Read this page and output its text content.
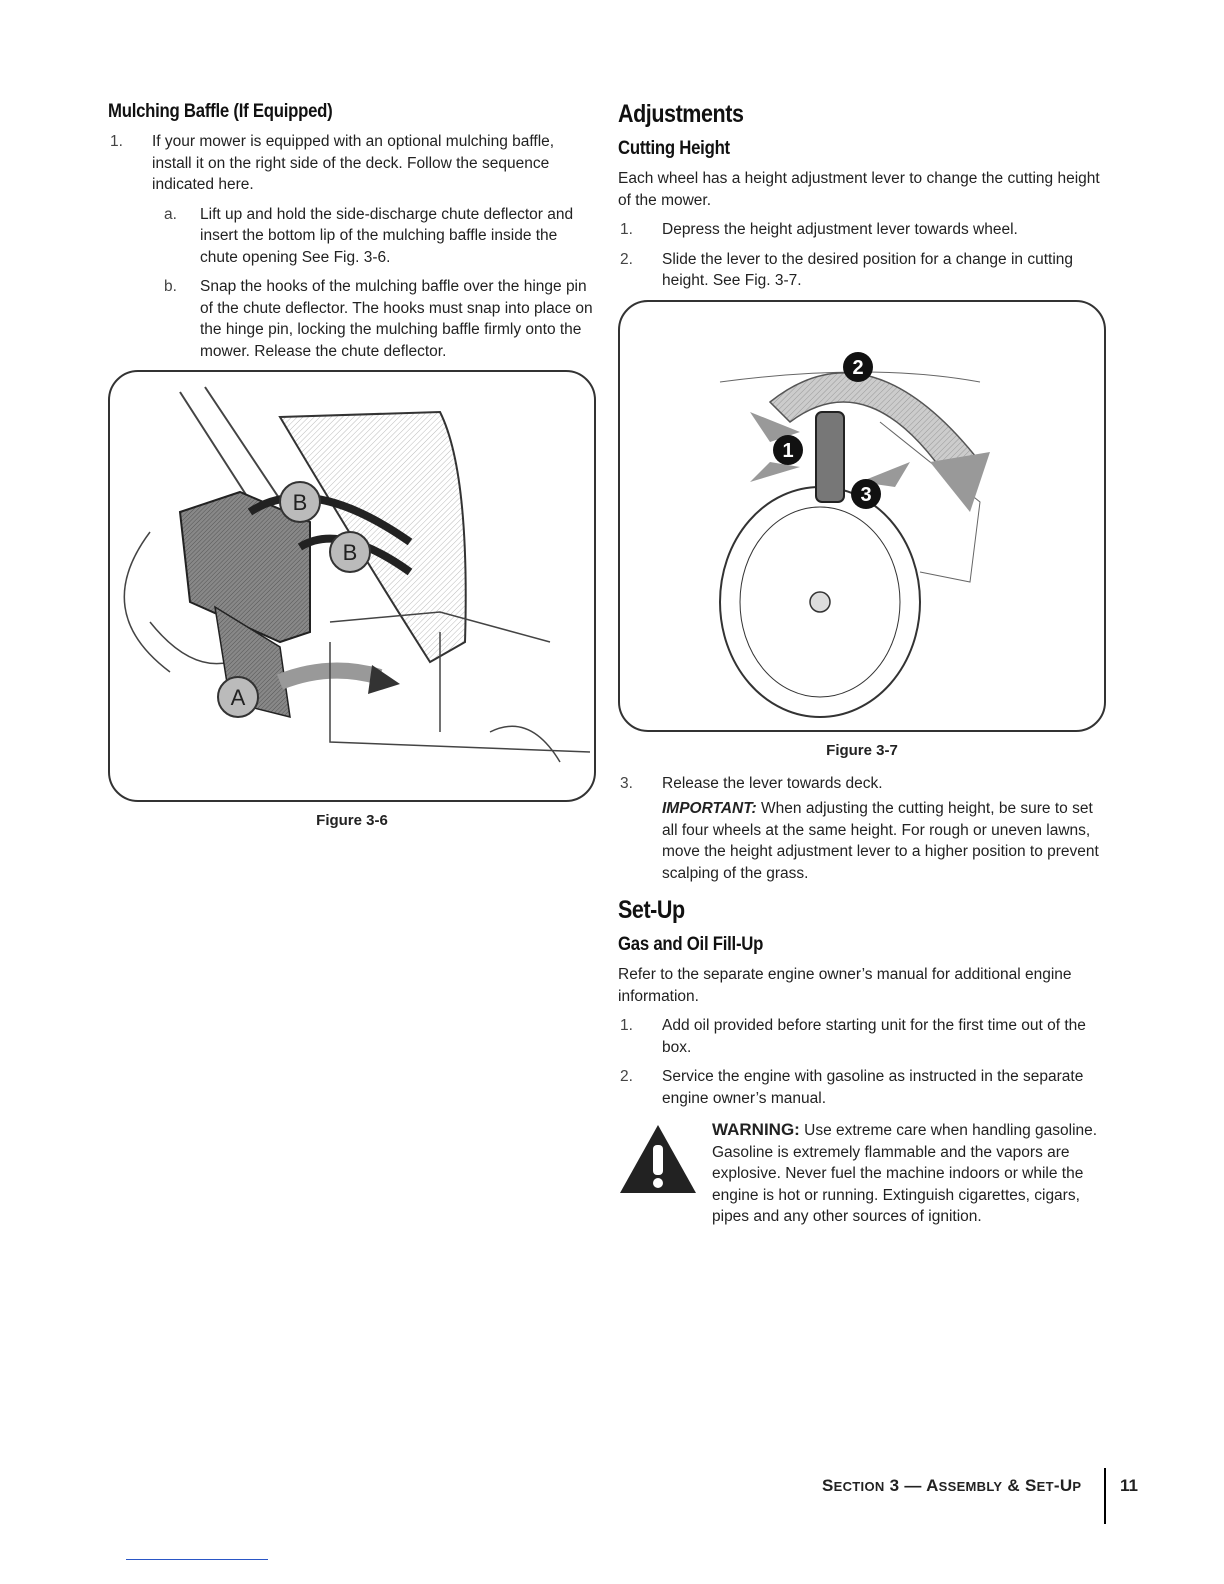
Mulching Baffle (If Equipped)
1. If your mower is equipped with an optional mulching baffle, install it on the right side of the deck. Follow the sequence indicated here.
a. Lift up and hold the side-discharge chute deflector and insert the bottom lip of the mulching baffle inside the chute opening See Fig. 3-6.
b. Snap the hooks of the mulching baffle over the hinge pin of the chute deflector. The hooks must snap into place on the hinge pin, locking the mulching baffle firmly onto the mower. Release the chute deflector.
B
B
A
Figure 3-6
Adjustments
Cutting Height

Each wheel has a height adjustment lever to change the cutting height of the mower.

1. Depress the height adjustment lever towards wheel.
2. Slide the lever to the desired position for a change in cutting height. See Fig. 3-7.
2
1
3
Figure 3-7
3. Release the lever towards deck.
IMPORTANT: When adjusting the cutting height, be sure to set all four wheels at the same height. For rough or uneven lawns, move the height adjustment lever to a higher position to prevent scalping of the grass.
Set-Up
Gas and Oil Fill-Up

Refer to the separate engine owner’s manual for additional engine information.

1. Add oil provided before starting unit for the first time out of the box.
2. Service the engine with gasoline as instructed in the separate engine owner’s manual.
WARNING: Use extreme care when handling gasoline. Gasoline is extremely flammable and the vapors are explosive. Never fuel the machine indoors or while the engine is hot or running. Extinguish cigarettes, cigars, pipes and any other sources of ignition.
SECTION 3 — ASSEMBLY & SET-UP 11
